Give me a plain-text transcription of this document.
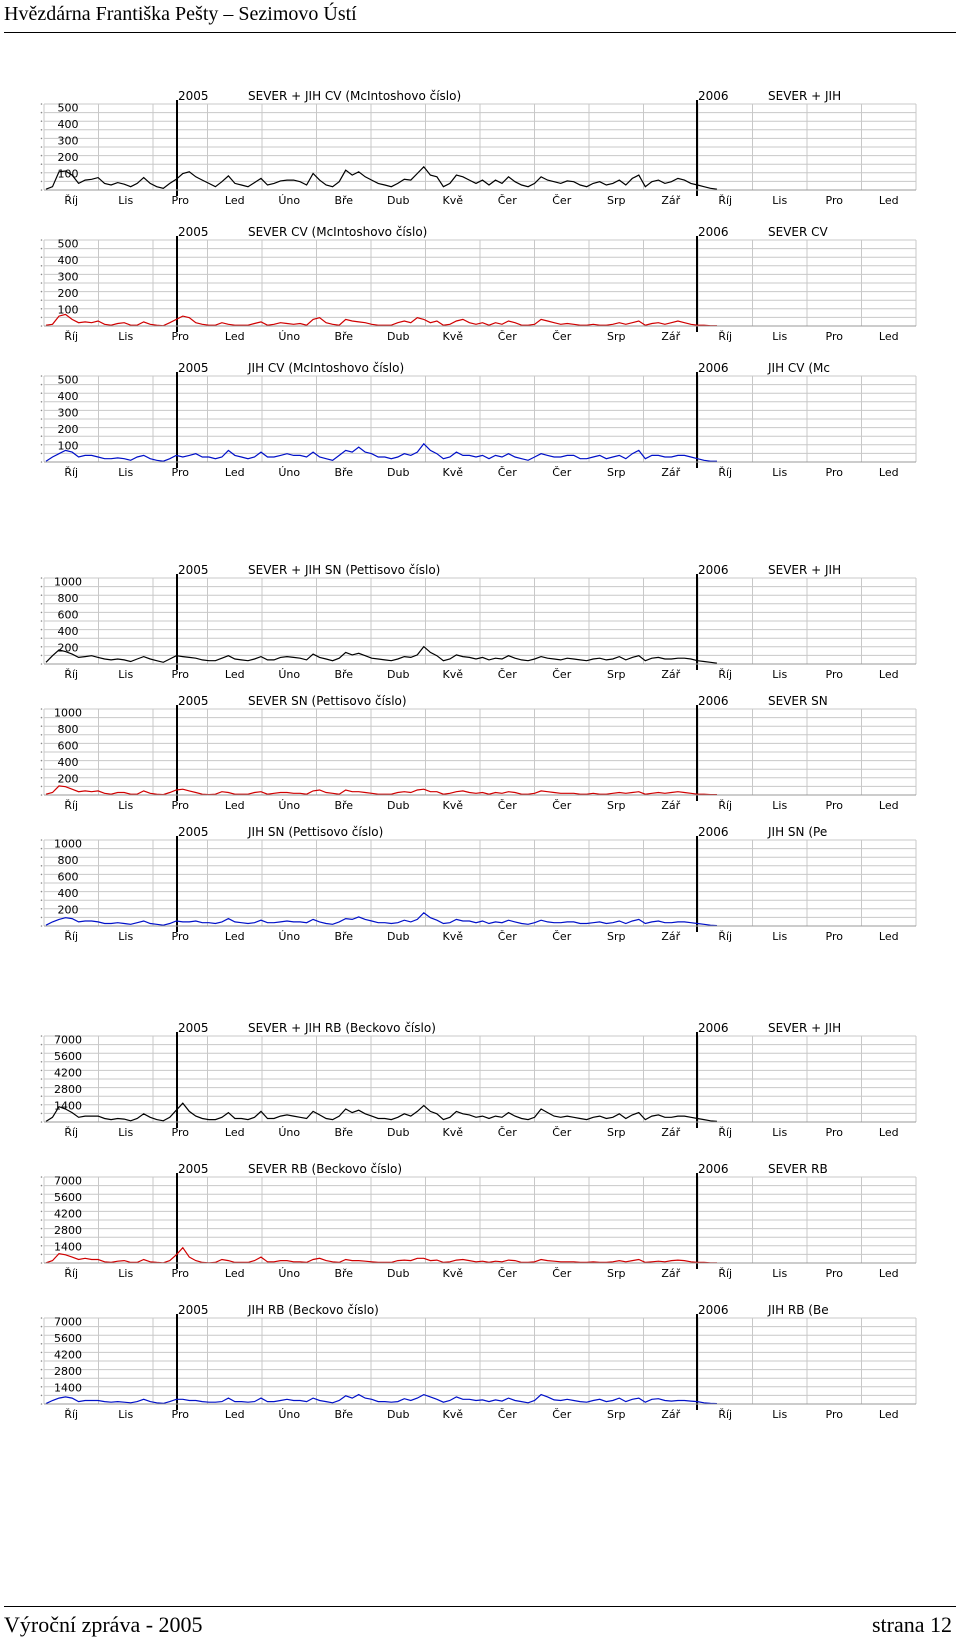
Hvězdárna Františka Pešty – Sezimovo Ústí
100
200
300
400
500
2005	SEVER + JIH CV (McIntoshovo číslo)	2006	SEVER + JIH
Říj	Lis	Pro	Led	Úno	Bře	Dub	Kvě	Čer	Čer	Srp	Zář	Říj	Lis	Pro	Led
100
200
300
400
500
2005	SEVER CV (McIntoshovo číslo)	2006	SEVER CV
Říj	Lis	Pro	Led	Úno	Bře	Dub	Kvě	Čer	Čer	Srp	Zář	Říj	Lis	Pro	Led
100
200
300
400
500
2005	JIH CV (McIntoshovo číslo)	2006	JIH CV (Mc
Říj	Lis	Pro	Led	Úno	Bře	Dub	Kvě	Čer	Čer	Srp	Zář	Říj	Lis	Pro	Led
200
400
600
800
1000
2005	SEVER + JIH SN (Pettisovo číslo)	2006	SEVER + JIH
Říj	Lis	Pro	Led	Úno	Bře	Dub	Kvě	Čer	Čer	Srp	Zář	Říj	Lis	Pro	Led
200
400
600
800
1000
2005	SEVER SN (Pettisovo číslo)	2006	SEVER SN
Říj	Lis	Pro	Led	Úno	Bře	Dub	Kvě	Čer	Čer	Srp	Zář	Říj	Lis	Pro	Led
200
400
600
800
1000
2005	JIH SN (Pettisovo číslo)	2006	JIH SN (Pe
Říj	Lis	Pro	Led	Úno	Bře	Dub	Kvě	Čer	Čer	Srp	Zář	Říj	Lis	Pro	Led
1400
2800
4200
5600
7000
2005	SEVER + JIH RB (Beckovo číslo)	2006	SEVER + JIH
Říj	Lis	Pro	Led	Úno	Bře	Dub	Kvě	Čer	Čer	Srp	Zář	Říj	Lis	Pro	Led
1400
2800
4200
5600
7000
2005	SEVER RB (Beckovo číslo)	2006	SEVER RB
Říj	Lis	Pro	Led	Úno	Bře	Dub	Kvě	Čer	Čer	Srp	Zář	Říj	Lis	Pro	Led
1400
2800
4200
5600
7000
2005	JIH RB (Beckovo číslo)	2006	JIH RB (Be
Říj	Lis	Pro	Led	Úno	Bře	Dub	Kvě	Čer	Čer	Srp	Zář	Říj	Lis	Pro	Led
Výroční zpráva - 2005	strana 12
